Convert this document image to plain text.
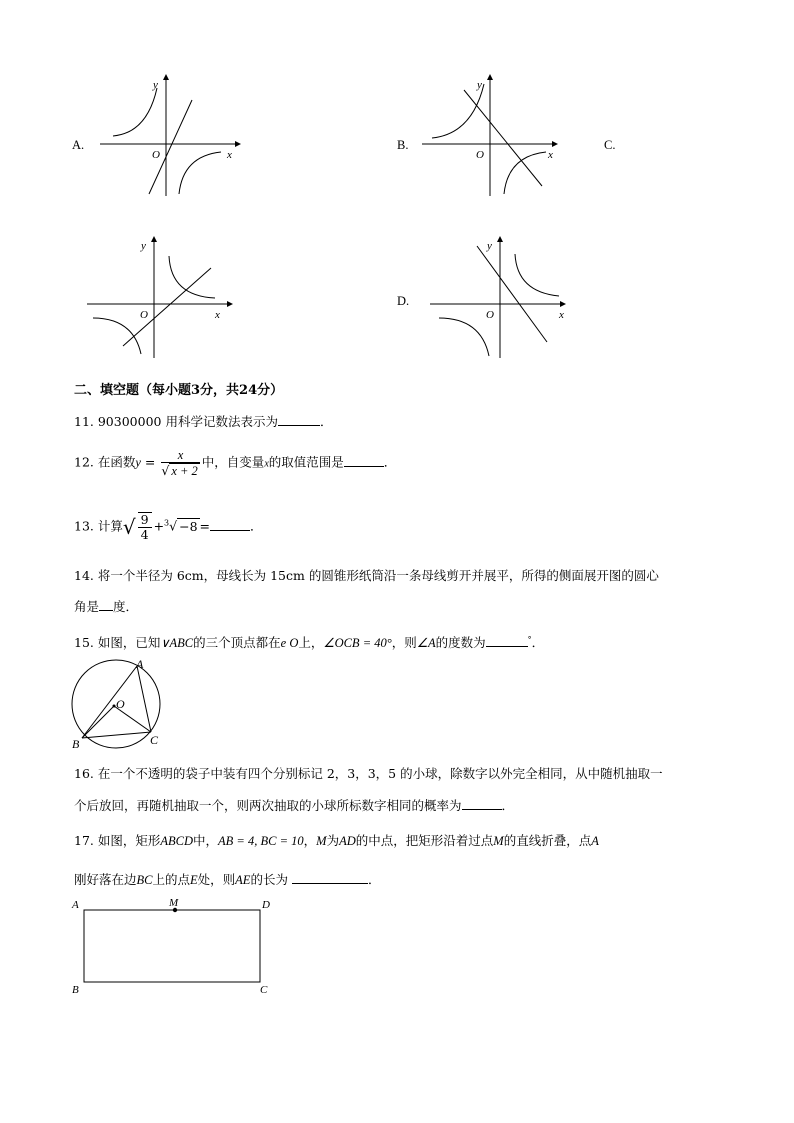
A.	B.	C.
D.
y
x
O
y
x
O
y
x
O
y
x
O
二、填空题（每小题3分，共24分）
11. 90300000 用科学记数法表示为	．
12. 在函数$y = \frac{x}{√ x + 2}$ 中，自变量x的取值范围是	．
13. 计算√ $\frac{9}{4} +^3√ -8$ =	．
14. 将一个半径为 6cm，母线长为 15cm 的圆锥形纸筒沿一条母线剪开并展平，所得的侧面展开图的圆心
角是 度．
15. 如图，已知∨ABC的三个顶点都在e O上，∠OCB = 40°，则∠A的度数为	°．
A
O
B	C
16. 在一个不透明的袋子中装有四个分别标记 2，3，3，5 的小球，除数字以外完全相同，从中随机抽取一
个后放回，再随机抽取一个，则两次抽取的小球所标数字相同的概率为	．
17. 如图，矩形ABCD中，AB = 4, BC = 10，M为AD的中点，把矩形沿着过点M的直线折叠，点A
刚好落在边BC上的点E处，则AE的长为	．
A	M	D
B	C
